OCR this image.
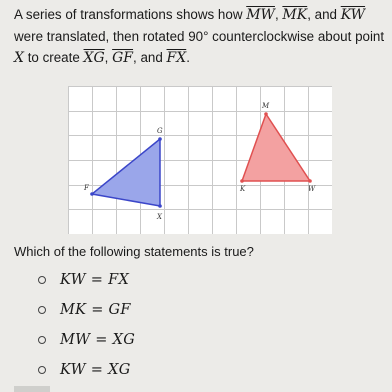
A series of transformations shows how $\overline{MW}$, $\overline{MK}$, and $\overline{KW}$ were translated, then rotated 90° counterclockwise about point X to create $\overline{XG}$, $\overline{GF}$, and $\overline{FX}$.
G
F
X
M
K	W
Which of the following statements is true?
KW = FX
MK = GF
MW = XG
KW = XG
